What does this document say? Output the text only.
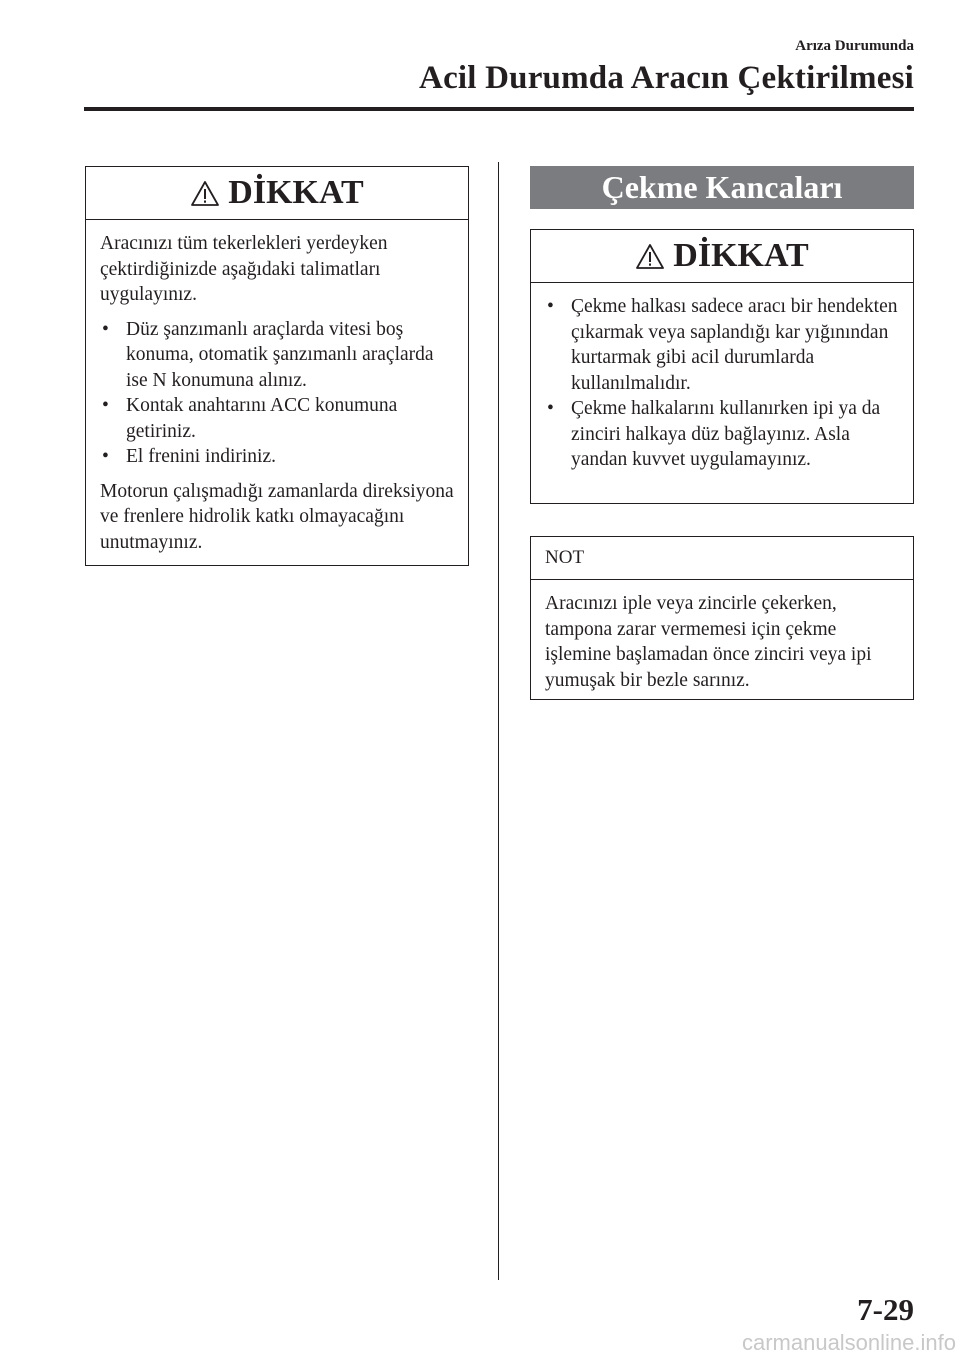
Arıza Durumunda
Acil Durumda Aracın Çektirilmesi
DİKKAT

Aracınızı tüm tekerlekleri yerdeyken çektirdiğinizde aşağıdaki talimatları uygulayınız.

• Düz şanzımanlı araçlarda vitesi boş konuma, otomatik şanzımanlı araçlarda ise N konumuna alınız.
• Kontak anahtarını ACC konumuna getiriniz.
• El frenini indiriniz.

Motorun çalışmadığı zamanlarda direksiyona ve frenlere hidrolik katkı olmayacağını unutmayınız.

Çekme Kancaları
DİKKAT
• Çekme halkası sadece aracı bir hendekten çıkarmak veya saplandığı kar yığınından kurtarmak gibi acil durumlarda kullanılmalıdır.
• Çekme halkalarını kullanırken ipi ya da zinciri halkaya düz bağlayınız. Asla yandan kuvvet uygulamayınız.
NOT

Aracınızı iple veya zincirle çekerken, tampona zarar vermemesi için çekme işlemine başlamadan önce zinciri veya ipi yumuşak bir bezle sarınız.

7-29
carmanualsonline.info
